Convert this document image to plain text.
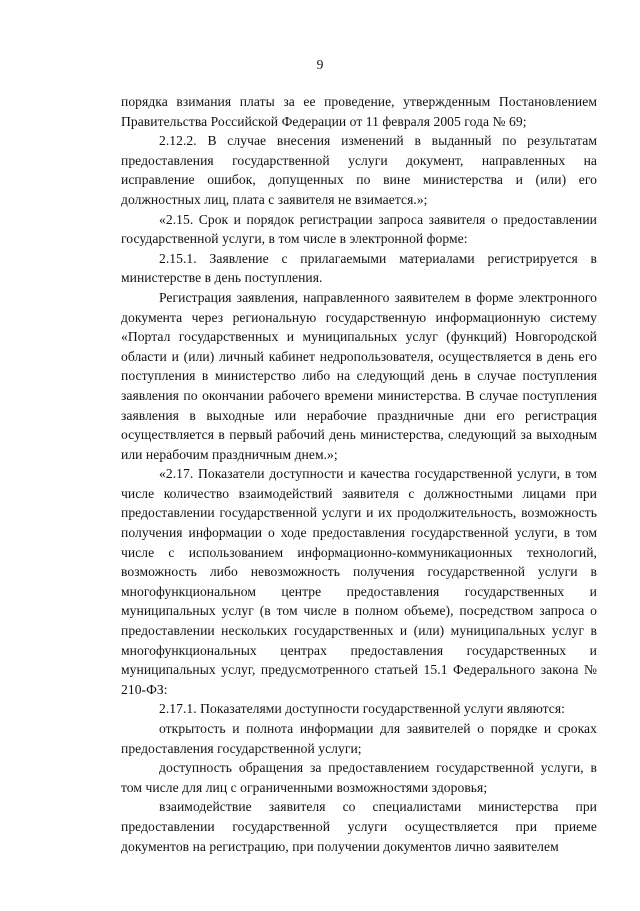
9

порядка взимания платы за ее проведение, утвержденным Постановлением Правительства Российской Федерации от 11 февраля 2005 года № 69;

2.12.2. В случае внесения изменений в выданный по результатам предоставления государственной услуги документ, направленных на исправление ошибок, допущенных по вине министерства и (или) его должностных лиц, плата с заявителя не взимается.»;

«2.15. Срок и порядок регистрации запроса заявителя о предоставлении государственной услуги, в том числе в электронной форме:

2.15.1. Заявление с прилагаемыми материалами регистрируется в министерстве в день поступления.

Регистрация заявления, направленного заявителем в форме электронного документа через региональную государственную информационную систему «Портал государственных и муниципальных услуг (функций) Новгородской области и (или) личный кабинет недропользователя, осуществляется в день его поступления в министерство либо на следующий день в случае поступления заявления по окончании рабочего времени министерства. В случае поступления заявления в выходные или нерабочие праздничные дни его регистрация осуществляется в первый рабочий день министерства, следующий за выходным или нерабочим праздничным днем.»;

«2.17. Показатели доступности и качества государственной услуги, в том числе количество взаимодействий заявителя с должностными лицами при предоставлении государственной услуги и их продолжительность, возможность получения информации о ходе предоставления государственной услуги, в том числе с использованием информационно-коммуникационных технологий, возможность либо невозможность получения государственной услуги в многофункциональном центре предоставления государственных и муниципальных услуг (в том числе в полном объеме), посредством запроса о предоставлении нескольких государственных и (или) муниципальных услуг в многофункциональных центрах предоставления государственных и муниципальных услуг, предусмотренного статьей 15.1 Федерального закона № 210-ФЗ:

2.17.1. Показателями доступности государственной услуги являются:

открытость и полнота информации для заявителей о порядке и сроках предоставления государственной услуги;

доступность обращения за предоставлением государственной услуги, в том числе для лиц с ограниченными возможностями здоровья;

взаимодействие заявителя со специалистами министерства при предоставлении государственной услуги осуществляется при приеме документов на регистрацию, при получении документов лично заявителем
